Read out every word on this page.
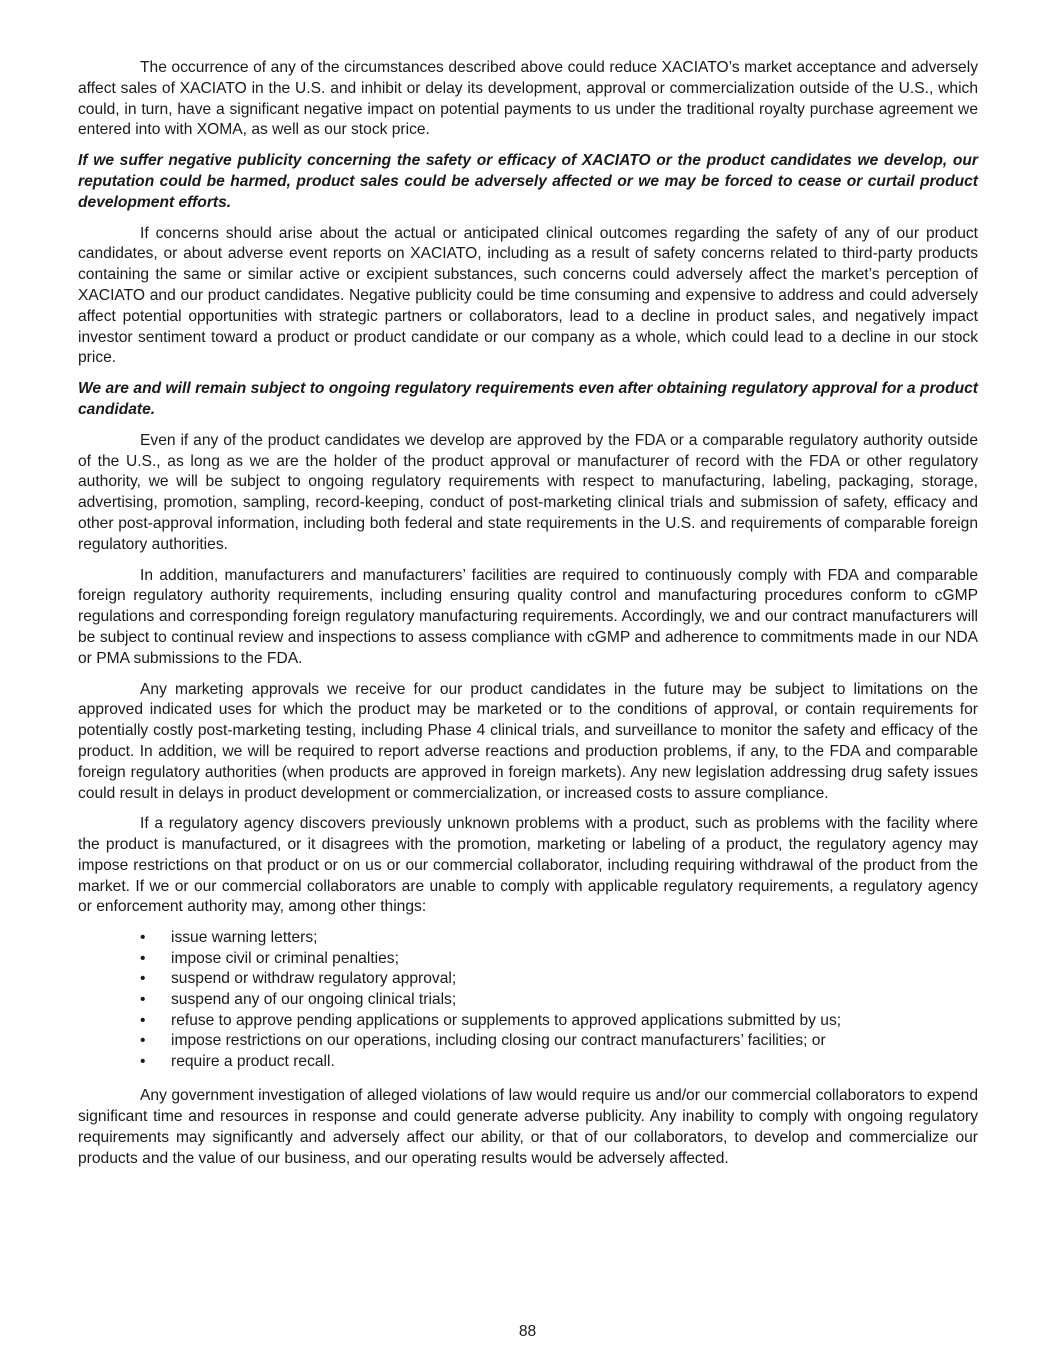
The occurrence of any of the circumstances described above could reduce XACIATO’s market acceptance and adversely affect sales of XACIATO in the U.S. and inhibit or delay its development, approval or commercialization outside of the U.S., which could, in turn, have a significant negative impact on potential payments to us under the traditional royalty purchase agreement we entered into with XOMA, as well as our stock price.

If we suffer negative publicity concerning the safety or efficacy of XACIATO or the product candidates we develop, our reputation could be harmed, product sales could be adversely affected or we may be forced to cease or curtail product development efforts.

If concerns should arise about the actual or anticipated clinical outcomes regarding the safety of any of our product candidates, or about adverse event reports on XACIATO, including as a result of safety concerns related to third-party products containing the same or similar active or excipient substances, such concerns could adversely affect the market’s perception of XACIATO and our product candidates. Negative publicity could be time consuming and expensive to address and could adversely affect potential opportunities with strategic partners or collaborators, lead to a decline in product sales, and negatively impact investor sentiment toward a product or product candidate or our company as a whole, which could lead to a decline in our stock price.

We are and will remain subject to ongoing regulatory requirements even after obtaining regulatory approval for a product candidate.

Even if any of the product candidates we develop are approved by the FDA or a comparable regulatory authority outside of the U.S., as long as we are the holder of the product approval or manufacturer of record with the FDA or other regulatory authority, we will be subject to ongoing regulatory requirements with respect to manufacturing, labeling, packaging, storage, advertising, promotion, sampling, record-keeping, conduct of post-marketing clinical trials and submission of safety, efficacy and other post-approval information, including both federal and state requirements in the U.S. and requirements of comparable foreign regulatory authorities.

In addition, manufacturers and manufacturers’ facilities are required to continuously comply with FDA and comparable foreign regulatory authority requirements, including ensuring quality control and manufacturing procedures conform to cGMP regulations and corresponding foreign regulatory manufacturing requirements. Accordingly, we and our contract manufacturers will be subject to continual review and inspections to assess compliance with cGMP and adherence to commitments made in our NDA or PMA submissions to the FDA.

Any marketing approvals we receive for our product candidates in the future may be subject to limitations on the approved indicated uses for which the product may be marketed or to the conditions of approval, or contain requirements for potentially costly post-marketing testing, including Phase 4 clinical trials, and surveillance to monitor the safety and efficacy of the product. In addition, we will be required to report adverse reactions and production problems, if any, to the FDA and comparable foreign regulatory authorities (when products are approved in foreign markets). Any new legislation addressing drug safety issues could result in delays in product development or commercialization, or increased costs to assure compliance.

If a regulatory agency discovers previously unknown problems with a product, such as problems with the facility where the product is manufactured, or it disagrees with the promotion, marketing or labeling of a product, the regulatory agency may impose restrictions on that product or on us or our commercial collaborator, including requiring withdrawal of the product from the market. If we or our commercial collaborators are unable to comply with applicable regulatory requirements, a regulatory agency or enforcement authority may, among other things:

• issue warning letters;
• impose civil or criminal penalties;
• suspend or withdraw regulatory approval;
• suspend any of our ongoing clinical trials;
• refuse to approve pending applications or supplements to approved applications submitted by us;
• impose restrictions on our operations, including closing our contract manufacturers’ facilities; or
• require a product recall.

Any government investigation of alleged violations of law would require us and/or our commercial collaborators to expend significant time and resources in response and could generate adverse publicity. Any inability to comply with ongoing regulatory requirements may significantly and adversely affect our ability, or that of our collaborators, to develop and commercialize our products and the value of our business, and our operating results would be adversely affected.

88
